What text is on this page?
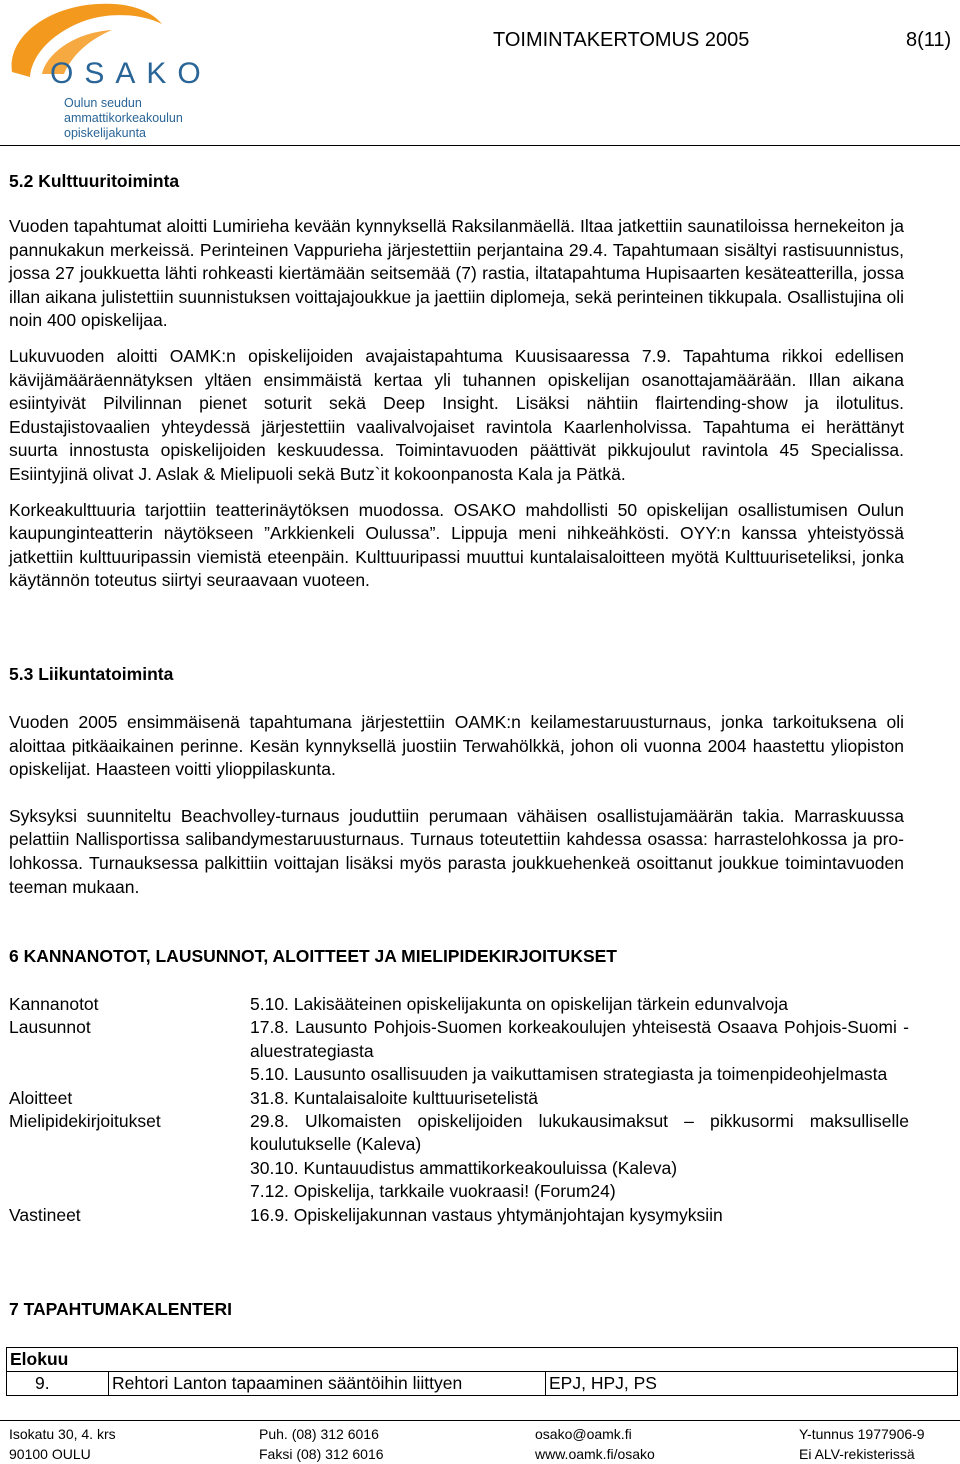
OSAKO
Oulun seudun
ammattikorkeakoulun
opiskelijakunta
TOIMINTAKERTOMUS 2005	8(11)
5.2 Kulttuuritoiminta

Vuoden tapahtumat aloitti Lumirieha kevään kynnyksellä Raksilanmäellä. Iltaa jatkettiin saunatiloissa hernekeiton ja pannukakun merkeissä. Perinteinen Vappurieha järjestettiin perjantaina 29.4. Tapahtumaan sisältyi rastisuunnistus, jossa 27 joukkuetta lähti rohkeasti kiertämään seitsemää (7) rastia, iltatapahtuma Hupisaarten kesäteatterilla, jossa illan aikana julistettiin suunnistuksen voittajajoukkue ja jaettiin diplomeja, sekä perinteinen tikkupala. Osallistujina oli noin 400 opiskelijaa.

Lukuvuoden aloitti OAMK:n opiskelijoiden avajaistapahtuma Kuusisaaressa 7.9. Tapahtuma rikkoi edellisen kävijämääräennätyksen yltäen ensimmäistä kertaa yli tuhannen opiskelijan osanottajamäärään. Illan aikana esiintyivät Pilvilinnan pienet soturit sekä Deep Insight. Lisäksi nähtiin flairtending-show ja ilotulitus. Edustajistovaalien yhteydessä järjestettiin vaalivalvojaiset ravintola Kaarlenholvissa. Tapahtuma ei herättänyt suurta innostusta opiskelijoiden keskuudessa. Toimintavuoden päättivät pikkujoulut ravintola 45 Specialissa. Esiintyjinä olivat J. Aslak & Mielipuoli sekä Butz`it kokoonpanosta Kala ja Pätkä.

Korkeakulttuuria tarjottiin teatterinäytöksen muodossa. OSAKO mahdollisti 50 opiskelijan osallistumisen Oulun kaupunginteatterin näytökseen ”Arkkienkeli Oulussa”. Lippuja meni nihkeähkösti. OYY:n kanssa yhteistyössä jatkettiin kulttuuripassin viemistä eteenpäin. Kulttuuripassi muuttui kuntalaisaloitteen myötä Kulttuuriseteliksi, jonka käytännön toteutus siirtyi seuraavaan vuoteen.

5.3 Liikuntatoiminta

Vuoden 2005 ensimmäisenä tapahtumana järjestettiin OAMK:n keilamestaruusturnaus, jonka tarkoituksena oli aloittaa pitkäaikainen perinne. Kesän kynnyksellä juostiin Terwahölkkä, johon oli vuonna 2004 haastettu yliopiston opiskelijat. Haasteen voitti ylioppilaskunta.

Syksyksi suunniteltu Beachvolley-turnaus jouduttiin perumaan vähäisen osallistujamäärän takia. Marraskuussa pelattiin Nallisportissa salibandymestaruusturnaus. Turnaus toteutettiin kahdessa osassa: harrastelohkossa ja pro-lohkossa. Turnauksessa palkittiin voittajan lisäksi myös parasta joukkuehenkeä osoittanut joukkue toimintavuoden teeman mukaan.

6 KANNANOTOT, LAUSUNNOT, ALOITTEET JA MIELIPIDEKIRJOITUKSET
Kannanotot	5.10. Lakisääteinen opiskelijakunta on opiskelijan tärkein edunvalvoja
Lausunnot	17.8. Lausunto Pohjois-Suomen korkeakoulujen yhteisestä Osaava Pohjois-Suomi -aluestrategiasta
5.10. Lausunto osallisuuden ja vaikuttamisen strategiasta ja toimenpideohjelmasta
Aloitteet	31.8. Kuntalaisaloite kulttuurisetelistä
Mielipidekirjoitukset	29.8. Ulkomaisten opiskelijoiden lukukausimaksut – pikkusormi maksulliselle koulutukselle (Kaleva)
30.10. Kuntauudistus ammattikorkeakouluissa (Kaleva)
7.12. Opiskelija, tarkkaile vuokraasi! (Forum24)
Vastineet	16.9. Opiskelijakunnan vastaus yhtymänjohtajan kysymyksiin
7 TAPAHTUMAKALENTERI
Elokuu
9.	Rehtori Lanton tapaaminen sääntöihin liittyen	EPJ, HPJ, PS
Isokatu 30, 4. krs
90100 OULU
Puh. (08) 312 6016
Faksi (08) 312 6016
osako@oamk.fi
www.oamk.fi/osako
Y-tunnus 1977906-9
Ei ALV-rekisterissä
